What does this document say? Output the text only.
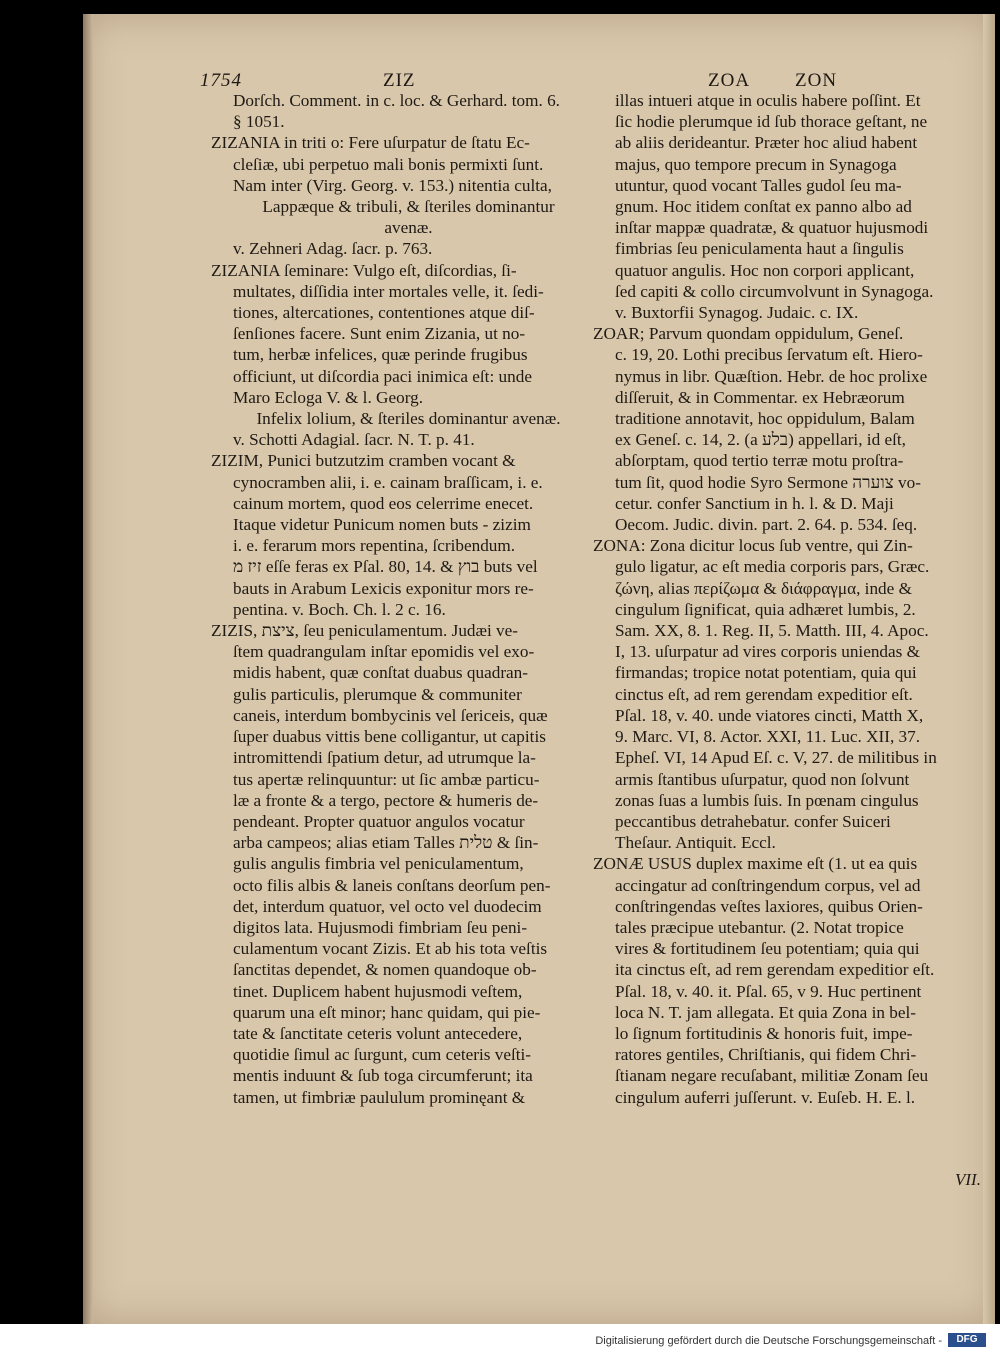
1754	ZIZ	ZOA ZON

Dorſch. Comment. in c. loc. & Gerhard. tom. 6.

§ 1051.

ZIZANIA in triti o: Fere uſurpatur de ſtatu Ec-

cleſiæ, ubi perpetuo mali bonis permixti ſunt.

Nam inter (Virg. Georg. v. 153.) nitentia culta,

Lappæque & tribuli, & ſteriles dominantur

avenæ.

v. Zehneri Adag. ſacr. p. 763.

ZIZANIA ſeminare: Vulgo eſt, diſcordias, ſi-

multates, diſſidia inter mortales velle, it. ſedi-

tiones, altercationes, contentiones atque diſ-

ſenſiones facere. Sunt enim Zizania, ut no-

tum, herbæ infelices, quæ perinde frugibus

officiunt, ut diſcordia paci inimica eſt: unde

Maro Ecloga V. & l. Georg.

Infelix lolium, & ſteriles dominantur avenæ.

v. Schotti Adagial. ſacr. N. T. p. 41.

ZIZIM, Punici butzutzim cramben vocant &

cynocramben alii, i. e. cainam braſſicam, i. e.

cainum mortem, quod eos celerrime enecet.

Itaque videtur Punicum nomen buts - zizim

i. e. ferarum mors repentina, ſcribendum.

זיז מ eſſe feras ex Pſal. 80, 14. & בוץ buts vel

bauts in Arabum Lexicis exponitur mors re-

pentina. v. Boch. Ch. l. 2 c. 16.

ZIZIS, ציצת, ſeu peniculamentum. Judæi ve-

ſtem quadrangulam inſtar epomidis vel exo-

midis habent, quæ conſtat duabus quadran-

gulis particulis, plerumque & communiter

caneis, interdum bombycinis vel ſericeis, quæ

ſuper duabus vittis bene colligantur, ut capitis

intromittendi ſpatium detur, ad utrumque la-

tus apertæ relinquuntur: ut ſic ambæ particu-

læ a fronte & a tergo, pectore & humeris de-

pendeant. Propter quatuor angulos vocatur

arba campeos; alias etiam Talles טלית & ſin-

gulis angulis fimbria vel peniculamentum,

octo filis albis & laneis conſtans deorſum pen-

det, interdum quatuor, vel octo vel duodecim

digitos lata. Hujusmodi fimbriam ſeu peni-

culamentum vocant Zizis. Et ab his tota veſtis

ſanctitas dependet, & nomen quandoque ob-

tinet. Duplicem habent hujusmodi veſtem,

quarum una eſt minor; hanc quidam, qui pie-

tate & ſanctitate ceteris volunt antecedere,

quotidie ſimul ac ſurgunt, cum ceteris veſti-

mentis induunt & ſub toga circumferunt; ita

tamen, ut fimbriæ paululum prominęant &

illas intueri atque in oculis habere poſſint. Et

ſic hodie plerumque id ſub thorace geſtant, ne

ab aliis derideantur. Præter hoc aliud habent

majus, quo tempore precum in Synagoga

utuntur, quod vocant Talles gudol ſeu ma-

gnum. Hoc itidem conſtat ex panno albo ad

inſtar mappæ quadratæ, & quatuor hujusmodi

fimbrias ſeu peniculamenta haut a ſingulis

quatuor angulis. Hoc non corpori applicant,

ſed capiti & collo circumvolvunt in Synagoga.

v. Buxtorfii Synagog. Judaic. c. IX.

ZOAR; Parvum quondam oppidulum, Geneſ.

c. 19, 20. Lothi precibus ſervatum eſt. Hiero-

nymus in libr. Quæſtion. Hebr. de hoc prolixe

diſſeruit, & in Commentar. ex Hebræorum

traditione annotavit, hoc oppidulum, Balam

ex Geneſ. c. 14, 2. (a בלע) appellari, id eſt,

abſorptam, quod tertio terræ motu proſtra-

tum ſit, quod hodie Syro Sermone צוערה vo-

cetur. confer Sanctium in h. l. & D. Maji

Oecom. Judic. divin. part. 2. 64. p. 534. ſeq.

ZONA: Zona dicitur locus ſub ventre, qui Zin-

gulo ligatur, ac eſt media corporis pars, Græc.

ζώνη, alias περίζωμα & διάφραγμα, inde &

cingulum ſignificat, quia adhæret lumbis, 2.

Sam. XX, 8. 1. Reg. II, 5. Matth. III, 4. Apoc.

I, 13. uſurpatur ad vires corporis uniendas &

firmandas; tropice notat potentiam, quia qui

cinctus eſt, ad rem gerendam expeditior eſt.

Pſal. 18, v. 40. unde viatores cincti, Matth X,

9. Marc. VI, 8. Actor. XXI, 11. Luc. XII, 37.

Epheſ. VI, 14 Apud Eſ. c. V, 27. de militibus in

armis ſtantibus uſurpatur, quod non ſolvunt

zonas ſuas a lumbis ſuis. In pœnam cingulus

peccantibus detrahebatur. confer Suiceri

Theſaur. Antiquit. Eccl.

ZONÆ USUS duplex maxime eſt (1. ut ea quis

accingatur ad conſtringendum corpus, vel ad

conſtringendas veſtes laxiores, quibus Orien-

tales præcipue utebantur. (2. Notat tropice

vires & fortitudinem ſeu potentiam; quia qui

ita cinctus eſt, ad rem gerendam expeditior eſt.

Pſal. 18, v. 40. it. Pſal. 65, v 9. Huc pertinent

loca N. T. jam allegata. Et quia Zona in bel-

lo ſignum fortitudinis & honoris fuit, impe-

ratores gentiles, Chriſtianis, qui fidem Chri-

ſtianam negare recuſabant, militiæ Zonam ſeu

cingulum auferri juſſerunt. v. Euſeb. H. E. l.

VII.
Digitalisierung gefördert durch die Deutsche Forschungsgemeinschaft -	DFG
